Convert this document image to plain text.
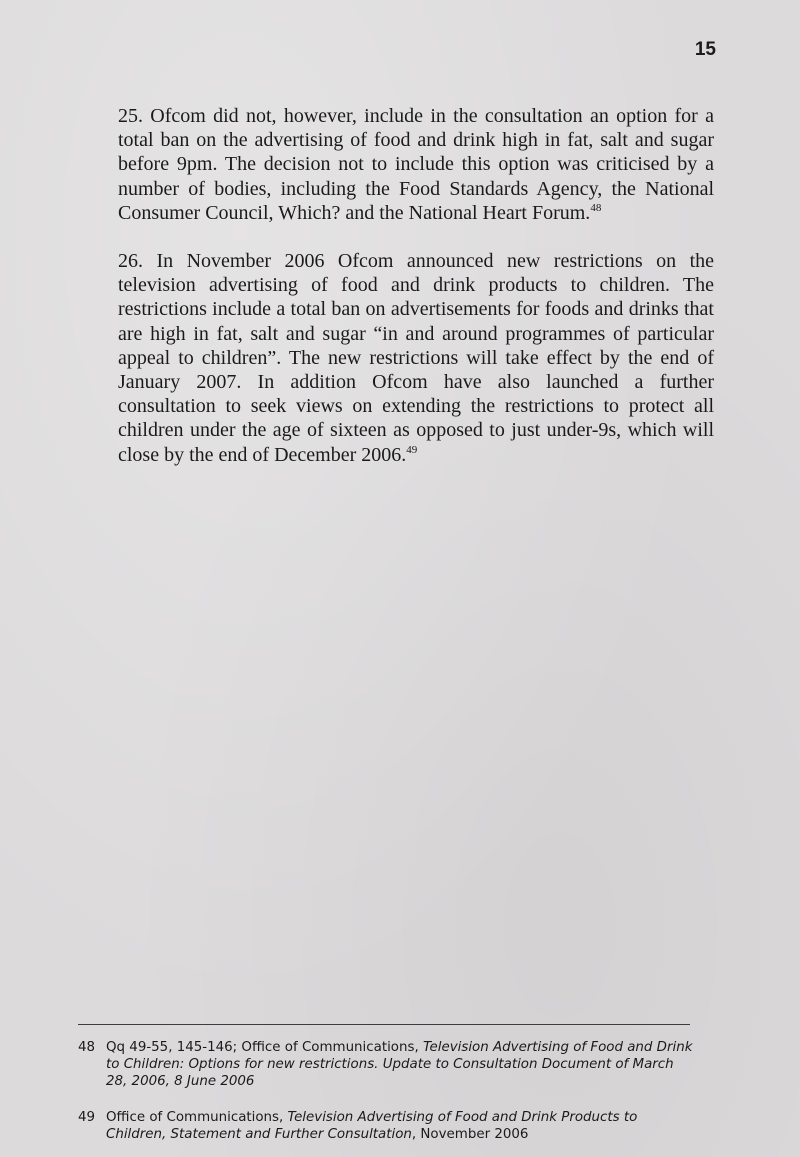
15

25. Ofcom did not, however, include in the consultation an option for a total ban on the advertising of food and drink high in fat, salt and sugar before 9pm. The decision not to include this option was criticised by a number of bodies, including the Food Standards Agency, the National Consumer Council, Which? and the National Heart Forum.$^{48}$

26. In November 2006 Ofcom announced new restrictions on the television advertising of food and drink products to children. The restrictions include a total ban on advertisements for foods and drinks that are high in fat, salt and sugar “in and around programmes of particular appeal to children”. The new restrictions will take effect by the end of January 2007. In addition Ofcom have also launched a further consultation to seek views on extending the restrictions to protect all children under the age of sixteen as opposed to just under-9s, which will close by the end of December 2006.49

48 Qq 49-55, 145-146; Office of Communications, Television Advertising of Food and Drink to Children: Options for new restrictions. Update to Consultation Document of March 28, 2006, 8 June 2006
49 Office of Communications, Television Advertising of Food and Drink Products to Children, Statement and Further Consultation, November 2006
